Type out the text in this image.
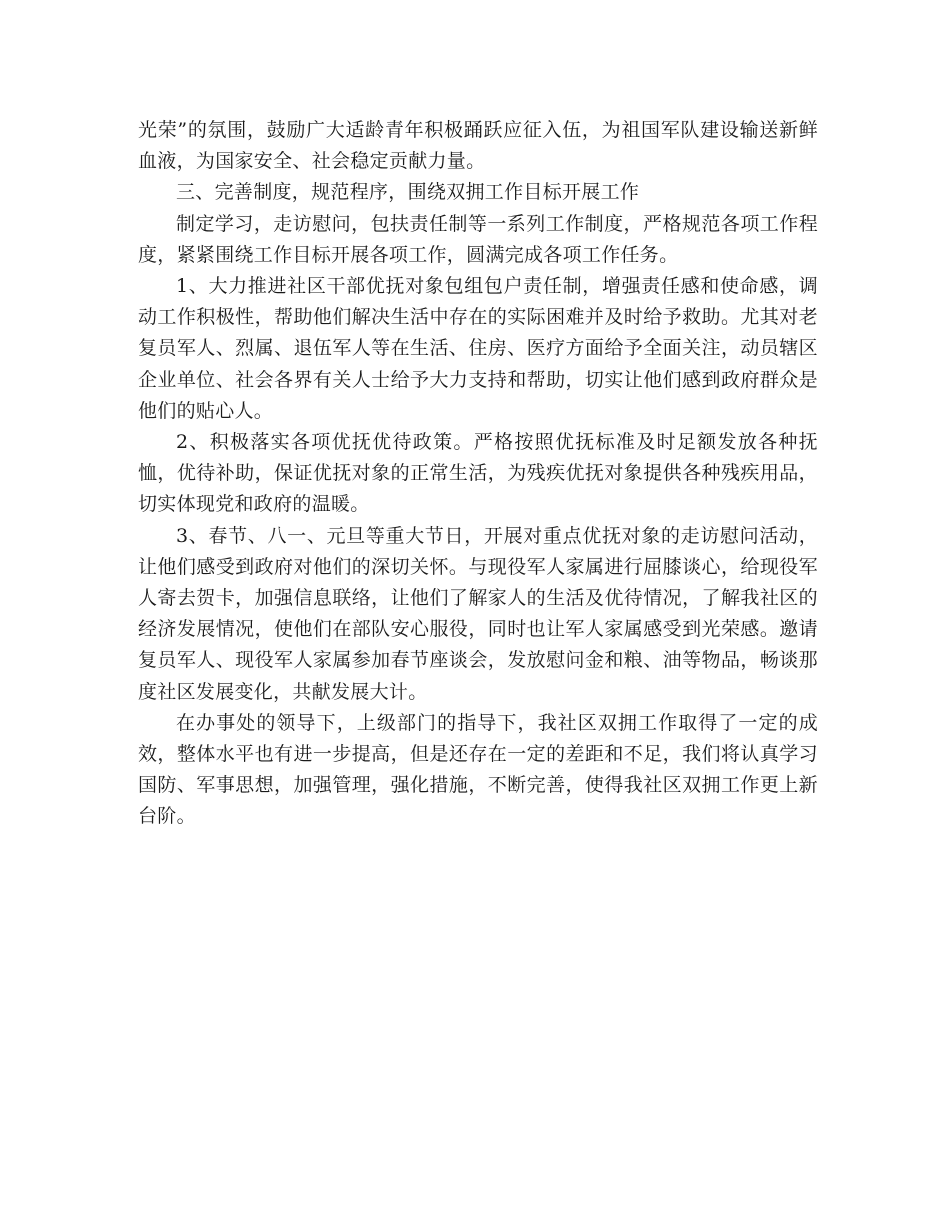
光荣”的氛围，鼓励广大适龄青年积极踊跃应征入伍，为祖国军队建设输送新鲜血液，为国家安全、社会稳定贡献力量。

三、完善制度，规范程序，围绕双拥工作目标开展工作

制定学习，走访慰问，包扶责任制等一系列工作制度，严格规范各项工作程度，紧紧围绕工作目标开展各项工作，圆满完成各项工作任务。

1、大力推进社区干部优抚对象包组包户责任制，增强责任感和使命感，调动工作积极性，帮助他们解决生活中存在的实际困难并及时给予救助。尤其对老复员军人、烈属、退伍军人等在生活、住房、医疗方面给予全面关注，动员辖区企业单位、社会各界有关人士给予大力支持和帮助，切实让他们感到政府群众是他们的贴心人。

2、积极落实各项优抚优待政策。严格按照优抚标准及时足额发放各种抚恤，优待补助，保证优抚对象的正常生活，为残疾优抚对象提供各种残疾用品，切实体现党和政府的温暖。

3、春节、八一、元旦等重大节日，开展对重点优抚对象的走访慰问活动，让他们感受到政府对他们的深切关怀。与现役军人家属进行屈膝谈心，给现役军人寄去贺卡，加强信息联络，让他们了解家人的生活及优待情况，了解我社区的经济发展情况，使他们在部队安心服役，同时也让军人家属感受到光荣感。邀请复员军人、现役军人家属参加春节座谈会，发放慰问金和粮、油等物品，畅谈那度社区发展变化，共献发展大计。

在办事处的领导下，上级部门的指导下，我社区双拥工作取得了一定的成效，整体水平也有进一步提高，但是还存在一定的差距和不足，我们将认真学习国防、军事思想，加强管理，强化措施，不断完善，使得我社区双拥工作更上新台阶。
